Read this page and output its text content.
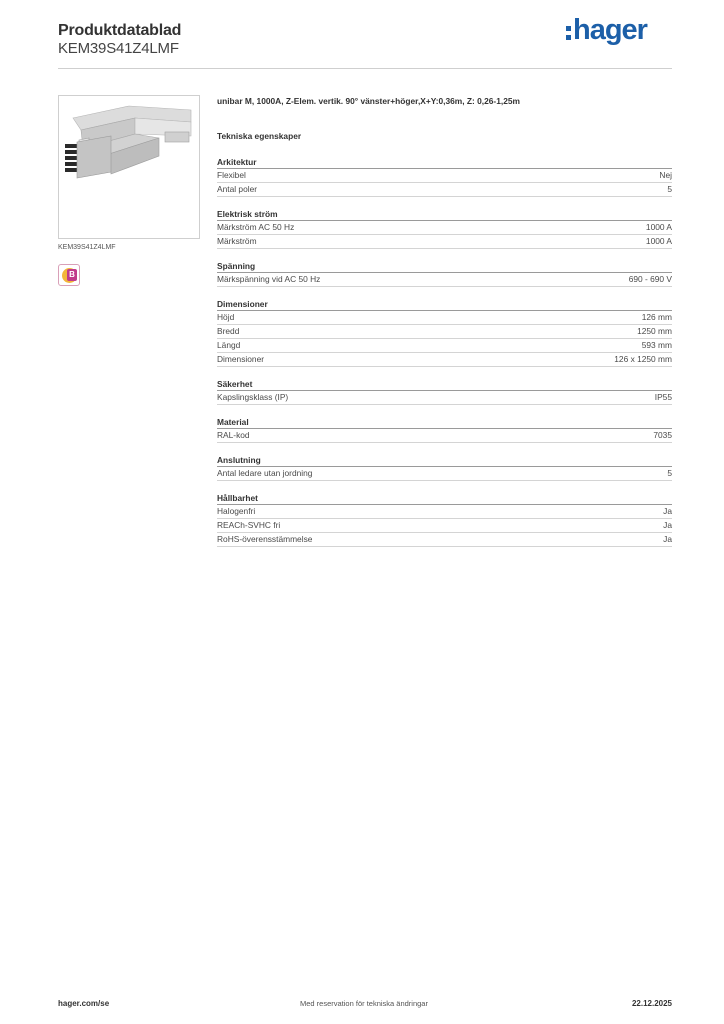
Produktdatablad
KEM39S41Z4LMF
hager
KEM39S41Z4LMF
B
unibar M, 1000A, Z-Elem. vertik. 90° vänster+höger,X+Y:0,36m, Z: 0,26-1,25m
Tekniska egenskaper
Arkitektur
Flexibel	Nej
Antal poler	5
Elektrisk ström
Märkström AC 50 Hz	1000 A
Märkström	1000 A
Spänning
Märkspänning vid AC 50 Hz	690 - 690 V
Dimensioner
Höjd	126 mm
Bredd	1250 mm
Längd	593 mm
Dimensioner	126 x 1250 mm
Säkerhet
Kapslingsklass (IP)	IP55
Material
RAL-kod	7035
Anslutning
Antal ledare utan jordning	5
Hållbarhet
Halogenfri	Ja
REACh-SVHC fri	Ja
RoHS-överensstämmelse	Ja
hager.com/se	Med reservation för tekniska ändringar	22.12.2025
